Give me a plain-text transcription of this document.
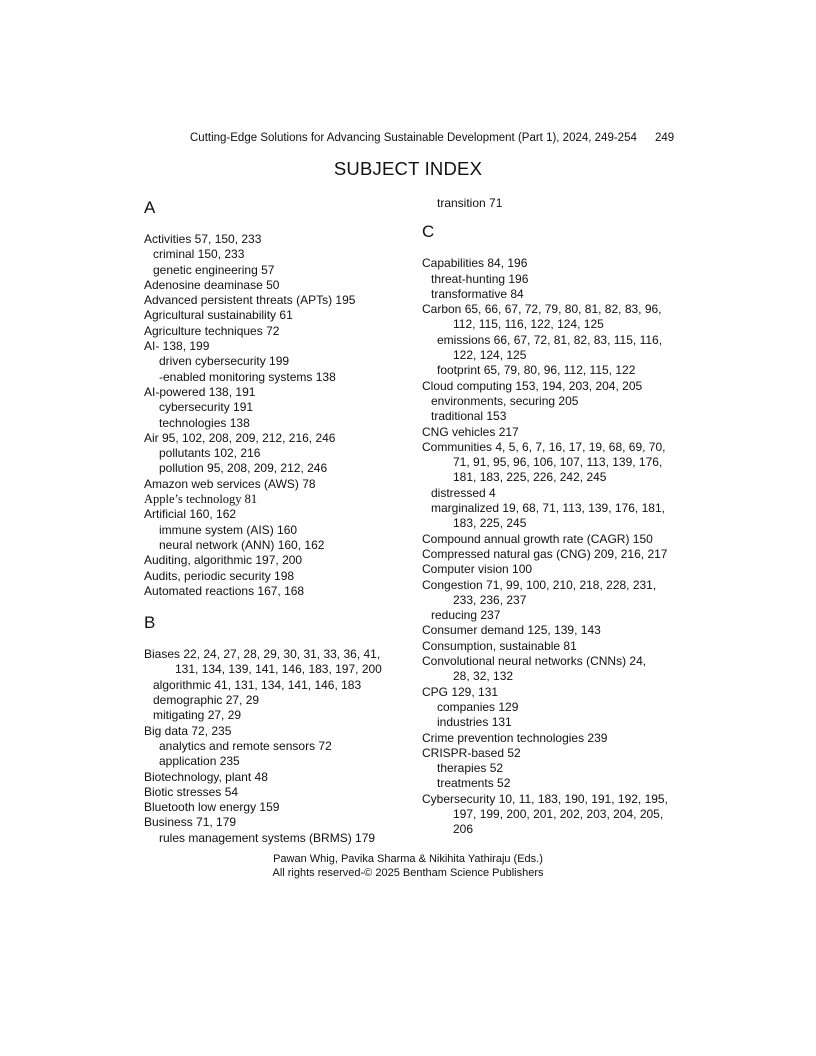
Cutting-Edge Solutions for Advancing Sustainable Development (Part 1), 2024, 249-254 249
SUBJECT INDEX
A
Activities 57, 150, 233
criminal 150, 233
genetic engineering 57
Adenosine deaminase 50
Advanced persistent threats (APTs) 195
Agricultural sustainability 61
Agriculture techniques 72
AI- 138, 199
driven cybersecurity 199
-enabled monitoring systems 138
AI-powered 138, 191
cybersecurity 191
technologies 138
Air 95, 102, 208, 209, 212, 216, 246
pollutants 102, 216
pollution 95, 208, 209, 212, 246
Amazon web services (AWS) 78
Apple’s technology 81
Artificial 160, 162
immune system (AIS) 160
neural network (ANN) 160, 162
Auditing, algorithmic 197, 200
Audits, periodic security 198
Automated reactions 167, 168
B
Biases 22, 24, 27, 28, 29, 30, 31, 33, 36, 41,
131, 134, 139, 141, 146, 183, 197, 200
algorithmic 41, 131, 134, 141, 146, 183
demographic 27, 29
mitigating 27, 29
Big data 72, 235
analytics and remote sensors 72
application 235
Biotechnology, plant 48
Biotic stresses 54
Bluetooth low energy 159
Business 71, 179
rules management systems (BRMS) 179
transition 71
C
Capabilities 84, 196
threat-hunting 196
transformative 84
Carbon 65, 66, 67, 72, 79, 80, 81, 82, 83, 96,
112, 115, 116, 122, 124, 125
emissions 66, 67, 72, 81, 82, 83, 115, 116,
122, 124, 125
footprint 65, 79, 80, 96, 112, 115, 122
Cloud computing 153, 194, 203, 204, 205
environments, securing 205
traditional 153
CNG vehicles 217
Communities 4, 5, 6, 7, 16, 17, 19, 68, 69, 70,
71, 91, 95, 96, 106, 107, 113, 139, 176,
181, 183, 225, 226, 242, 245
distressed 4
marginalized 19, 68, 71, 113, 139, 176, 181,
183, 225, 245
Compound annual growth rate (CAGR) 150
Compressed natural gas (CNG) 209, 216, 217
Computer vision 100
Congestion 71, 99, 100, 210, 218, 228, 231,
233, 236, 237
reducing 237
Consumer demand 125, 139, 143
Consumption, sustainable 81
Convolutional neural networks (CNNs) 24,
28, 32, 132
CPG 129, 131
companies 129
industries 131
Crime prevention technologies 239
CRISPR-based 52
therapies 52
treatments 52
Cybersecurity 10, 11, 183, 190, 191, 192, 195,
197, 199, 200, 201, 202, 203, 204, 205,
206
Pawan Whig, Pavika Sharma & Nikihita Yathiraju (Eds.)
All rights reserved-© 2025 Bentham Science Publishers
